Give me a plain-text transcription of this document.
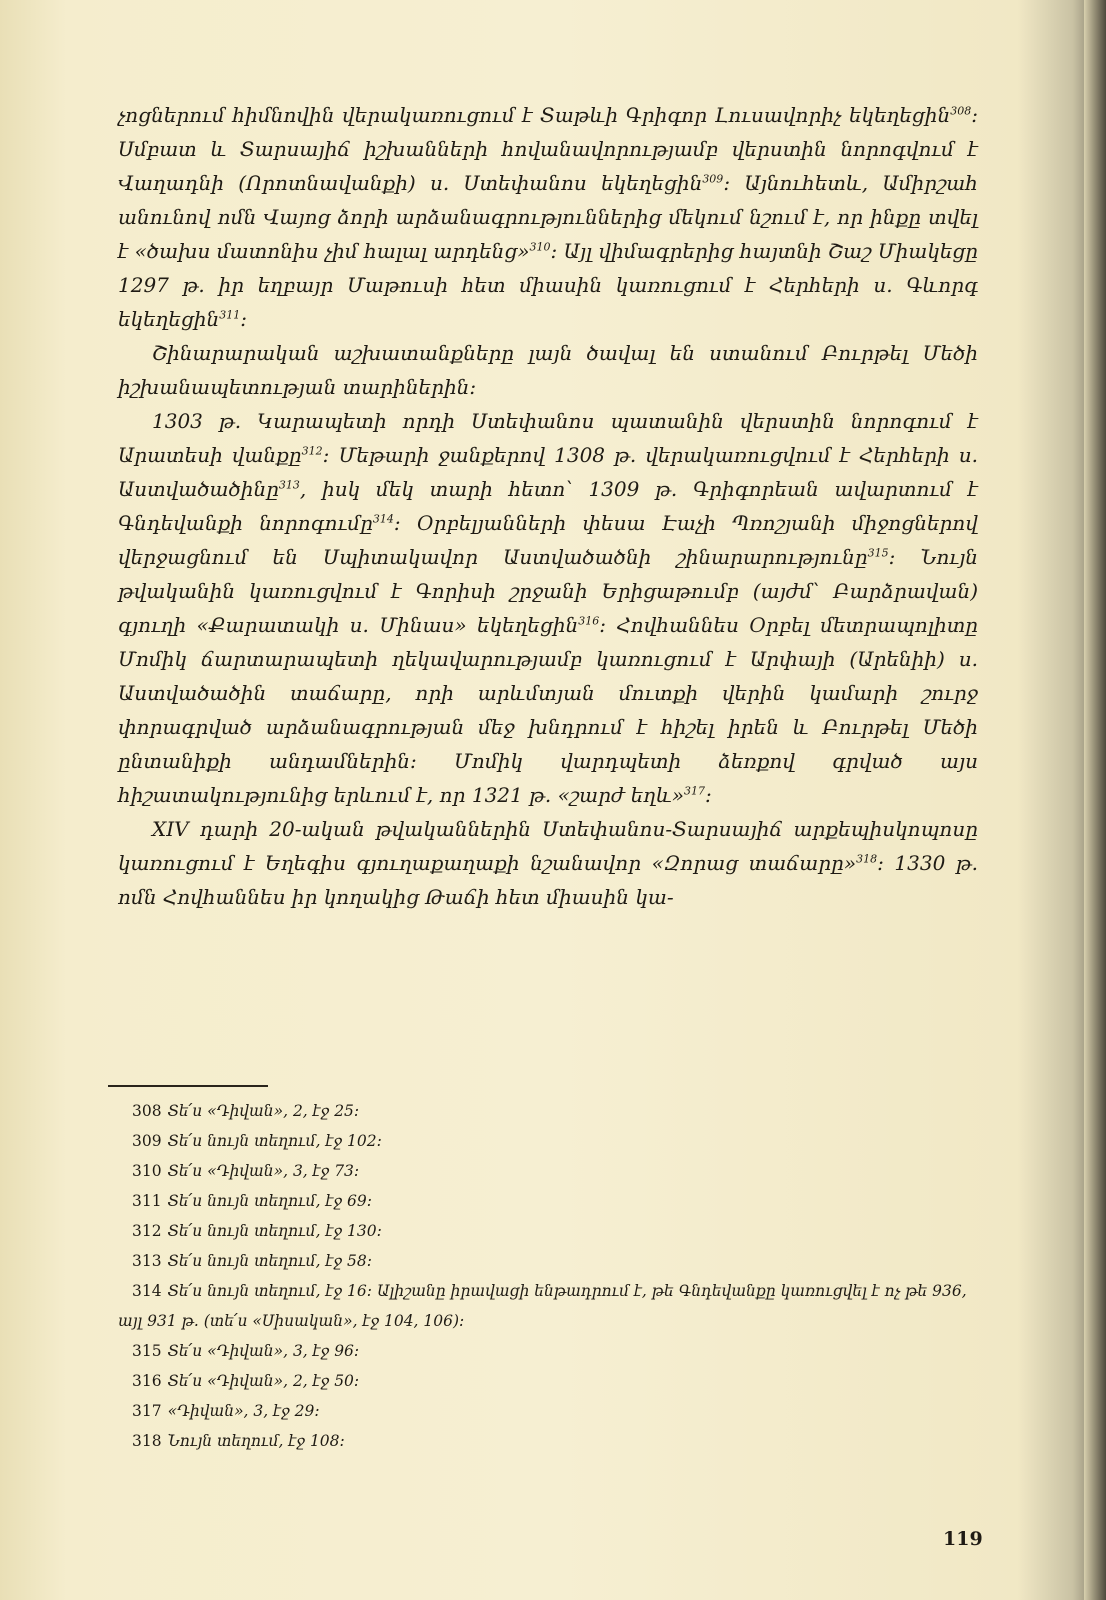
չոցներում հիմնովին վերակառուցում է Տաթևի Գրիգոր Լուսավորիչ եկեղեցին$^{308}$։ Սմբատ և Տարսայիճ իշխանների հովանավորությամբ վերստին նորոգվում է Վաղադնի (Որոտնավանքի) ս. Ստեփանոս եկեղեցին$^{309}$։ Այնուհետև, Ամիրշահ անունով ոմն Վայոց ձորի արձանագրություններից մեկում նշում է, որ ինքը տվել է «ծախս մատոնիս չիմ հալալ արդենց»$^{310}$։ Այլ վիմագրերից հայտնի Շաշ Միակեցը 1297 թ. իր եղբայր Մաթուսի հետ միասին կառուցում է Հերհերի ս. Գևորգ եկեղեցին$^{311}$։

Շինարարական աշխատանքները լայն ծավալ են ստանում Բուրթել Մեծի իշխանապետության տարիներին։

1303 թ. Կարապետի որդի Ստեփանոս պատանին վերստին նորոգում է Արատեսի վանքը$^{312}$։ Մեթարի ջանքերով 1308 թ. վերակառուցվում է Հերհերի ս. Աստվածածինը$^{313}$, իսկ մեկ տարի հետո՝ 1309 թ. Գրիգորեան ավարտում է Գնդեվանքի նորոգումը$^{314}$։ Օրբելյանների փեսա Էաչի Պռոշյանի միջոցներով վերջացնում են Սպիտակավոր Աստվածածնի շինարարությունը$^{315}$։ Նույն թվականին կառուցվում է Գորիսի շրջանի Երիցաթումբ (այժմ՝ Բարձրավան) գյուղի «Քարատակի ս. Մինաս» եկեղեցին$^{316}$։ Հովհաննես Օրբել մետրապոլիտը Մոմիկ ճարտարապետի ղեկավարությամբ կառուցում է Արփայի (Արենիի) ս. Աստվածածին տաճարը, որի արևմտյան մուտքի վերին կամարի շուրջ փորագրված արձանագրության մեջ խնդրում է հիշել իրեն և Բուրթել Մեծի ընտանիքի անդամներին։ Մոմիկ վարդպետի ձեռքով գրված այս հիշատակությունից երևում է, որ 1321 թ. «շարժ եղև»$^{317}$։

XIV դարի 20-ական թվականներին Ստեփանոս-Տարսայիճ արքեպիսկոպոսը կառուցում է Եղեգիս գյուղաքաղաքի նշանավոր «Զորաց տաճարը»$^{318}$։ 1330 թ. ոմն Հովհաննես իր կողակից Թաճի հետ միասին կա-

308 Տե՛ս «Դիվան», 2, էջ 25։

309 Տե՛ս նույն տեղում, էջ 102։

310 Տե՛ս «Դիվան», 3, էջ 73։

311 Տե՛ս նույն տեղում, էջ 69։

312 Տե՛ս նույն տեղում, էջ 130։

313 Տե՛ս նույն տեղում, էջ 58։

314 Տե՛ս նույն տեղում, էջ 16։ Ալիշանը իրավացի ենթադրում է, թե Գնդեվանքը կառուցվել է ոչ թե 936, այլ 931 թ. (տե՛ս «Սիսական», էջ 104, 106)։

315 Տե՛ս «Դիվան», 3, էջ 96։

316 Տե՛ս «Դիվան», 2, էջ 50։

317 «Դիվան», 3, էջ 29։

318 Նույն տեղում, էջ 108։

119
